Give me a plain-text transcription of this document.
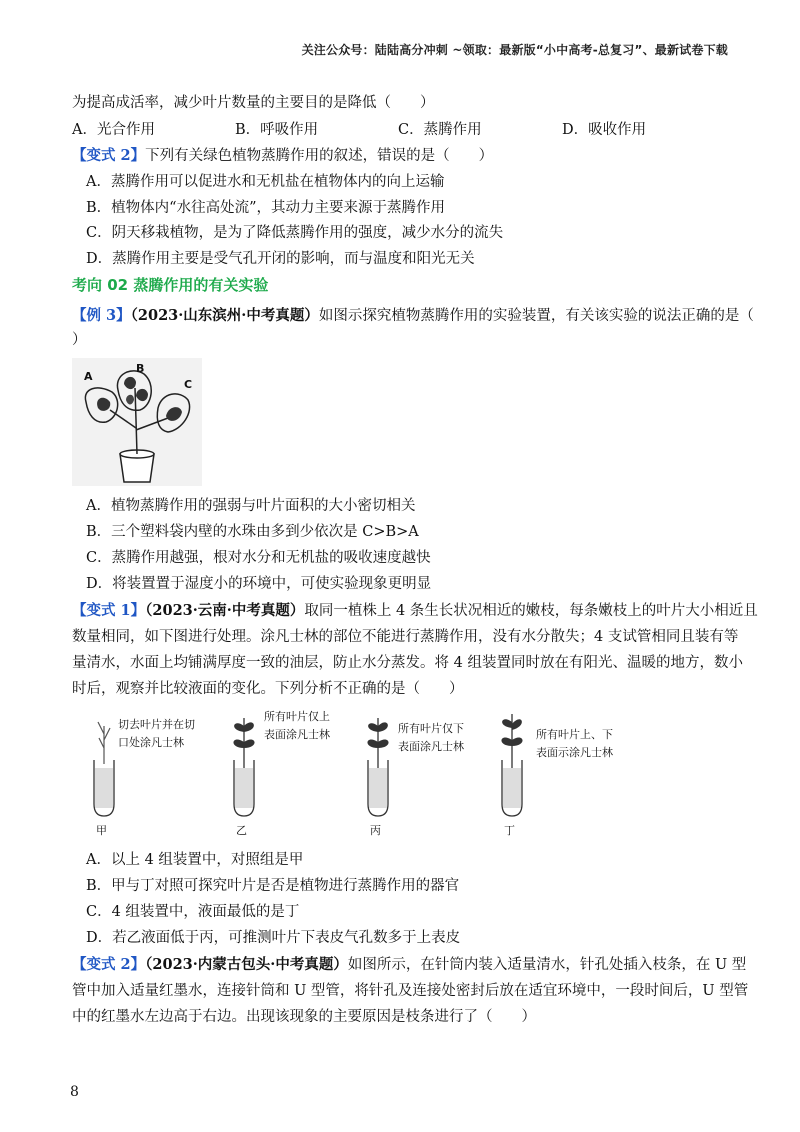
关注公众号：陆陆高分冲刺 ~领取：最新版“小中高考-总复习”、最新试卷下载
为提高成活率，减少叶片数量的主要目的是降低（　　）
A．光合作用	B．呼吸作用	C．蒸腾作用	D．吸收作用
【变式 2】下列有关绿色植物蒸腾作用的叙述，错误的是（　　）
A．蒸腾作用可以促进水和无机盐在植物体内的向上运输
B．植物体内“水往高处流”，其动力主要来源于蒸腾作用
C．阴天移栽植物，是为了降低蒸腾作用的强度，减少水分的流失
D．蒸腾作用主要是受气孔开闭的影响，而与温度和阳光无关
考向 02 蒸腾作用的有关实验
【例 3】（2023·山东滨州·中考真题）如图示探究植物蒸腾作用的实验装置，有关该实验的说法正确的是（
）
A
B
C
A．植物蒸腾作用的强弱与叶片面积的大小密切相关
B．三个塑料袋内壁的水珠由多到少依次是 C>B>A
C．蒸腾作用越强，根对水分和无机盐的吸收速度越快
D．将装置置于湿度小的环境中，可使实验现象更明显
【变式 1】（2023·云南·中考真题）取同一植株上 4 条生长状况相近的嫩枝，每条嫩枝上的叶片大小相近且
数量相同，如下图进行处理。涂凡士林的部位不能进行蒸腾作用，没有水分散失；4 支试管相同且装有等
量清水，水面上均铺满厚度一致的油层，防止水分蒸发。将 4 组装置同时放在有阳光、温暖的地方，数小
时后，观察并比较液面的变化。下列分析不正确的是（　　）
切去叶片并在切
口处涂凡士林
甲
所有叶片仅上
表面涂凡士林
乙
所有叶片仅下
表面涂凡士林
丙
所有叶片上、下
表面示涂凡士林
丁
A．以上 4 组装置中，对照组是甲
B．甲与丁对照可探究叶片是否是植物进行蒸腾作用的器官
C．4 组装置中，液面最低的是丁
D．若乙液面低于丙，可推测叶片下表皮气孔数多于上表皮
【变式 2】（2023·内蒙古包头·中考真题）如图所示，在针筒内装入适量清水，针孔处插入枝条，在 U 型
管中加入适量红墨水，连接针筒和 U 型管，将针孔及连接处密封后放在适宜环境中，一段时间后，U 型管
中的红墨水左边高于右边。出现该现象的主要原因是枝条进行了（　　）
8
